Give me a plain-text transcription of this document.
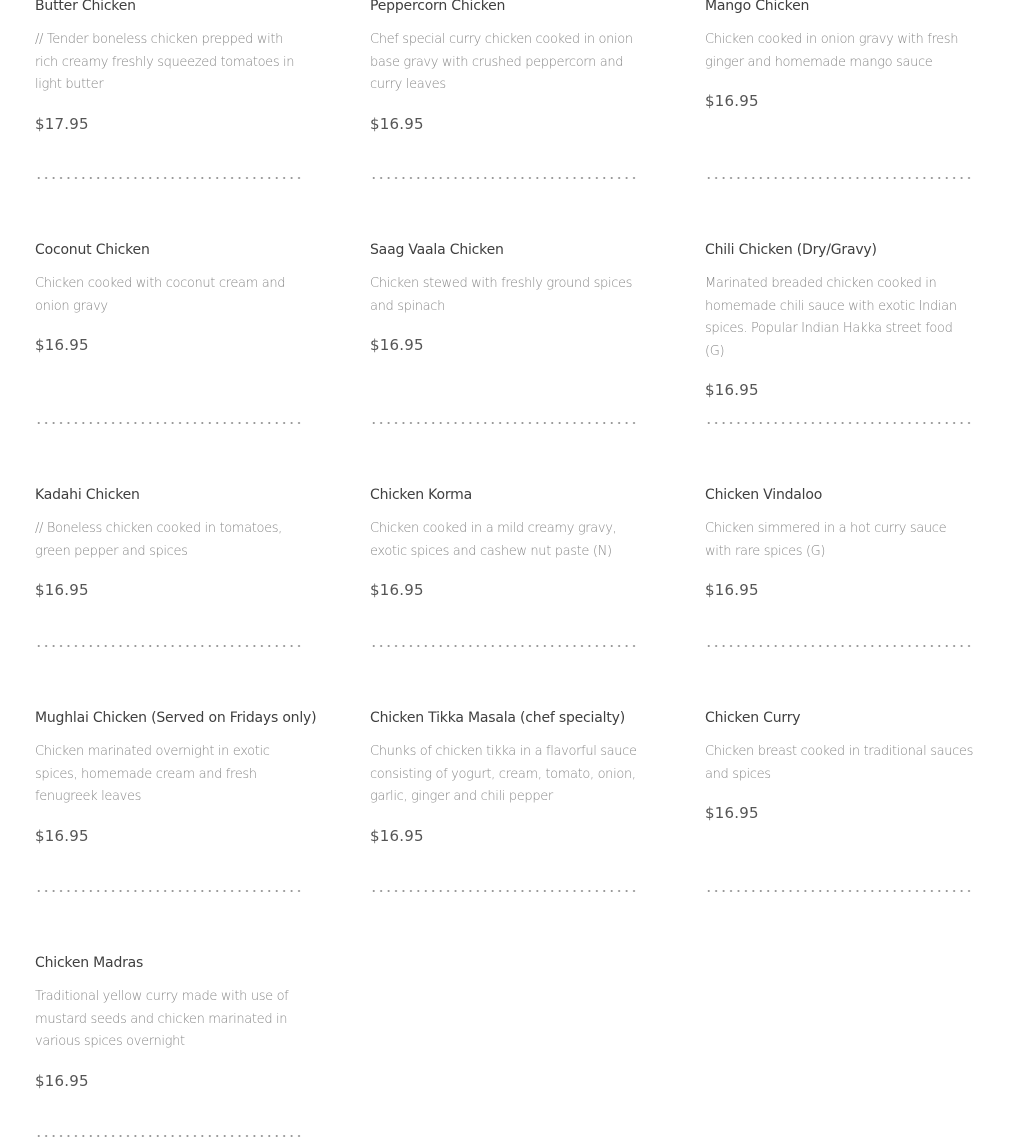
Butter Chicken
// Tender boneless chicken prepped with rich creamy freshly squeezed tomatoes in light butter
$17.95
Peppercorn Chicken
Chef special curry chicken cooked in onion base gravy with crushed peppercorn and curry leaves
$16.95
Mango Chicken
Chicken cooked in onion gravy with fresh ginger and homemade mango sauce
$16.95
Coconut Chicken
Chicken cooked with coconut cream and onion gravy
$16.95
Saag Vaala Chicken
Chicken stewed with freshly ground spices and spinach
$16.95
Chili Chicken (Dry/Gravy)
Marinated breaded chicken cooked in homemade chili sauce with exotic Indian spices. Popular Indian Hakka street food (G)
$16.95
Kadahi Chicken
// Boneless chicken cooked in tomatoes, green pepper and spices
$16.95
Chicken Korma
Chicken cooked in a mild creamy gravy, exotic spices and cashew nut paste (N)
$16.95
Chicken Vindaloo
Chicken simmered in a hot curry sauce with rare spices (G)
$16.95
Mughlai Chicken (Served on Fridays only)
Chicken marinated overnight in exotic spices, homemade cream and fresh fenugreek leaves
$16.95
Chicken Tikka Masala (chef specialty)
Chunks of chicken tikka in a flavorful sauce consisting of yogurt, cream, tomato, onion, garlic, ginger and chili pepper
$16.95
Chicken Curry
Chicken breast cooked in traditional sauces and spices
$16.95
Chicken Madras
Traditional yellow curry made with use of mustard seeds and chicken marinated in various spices overnight
$16.95
